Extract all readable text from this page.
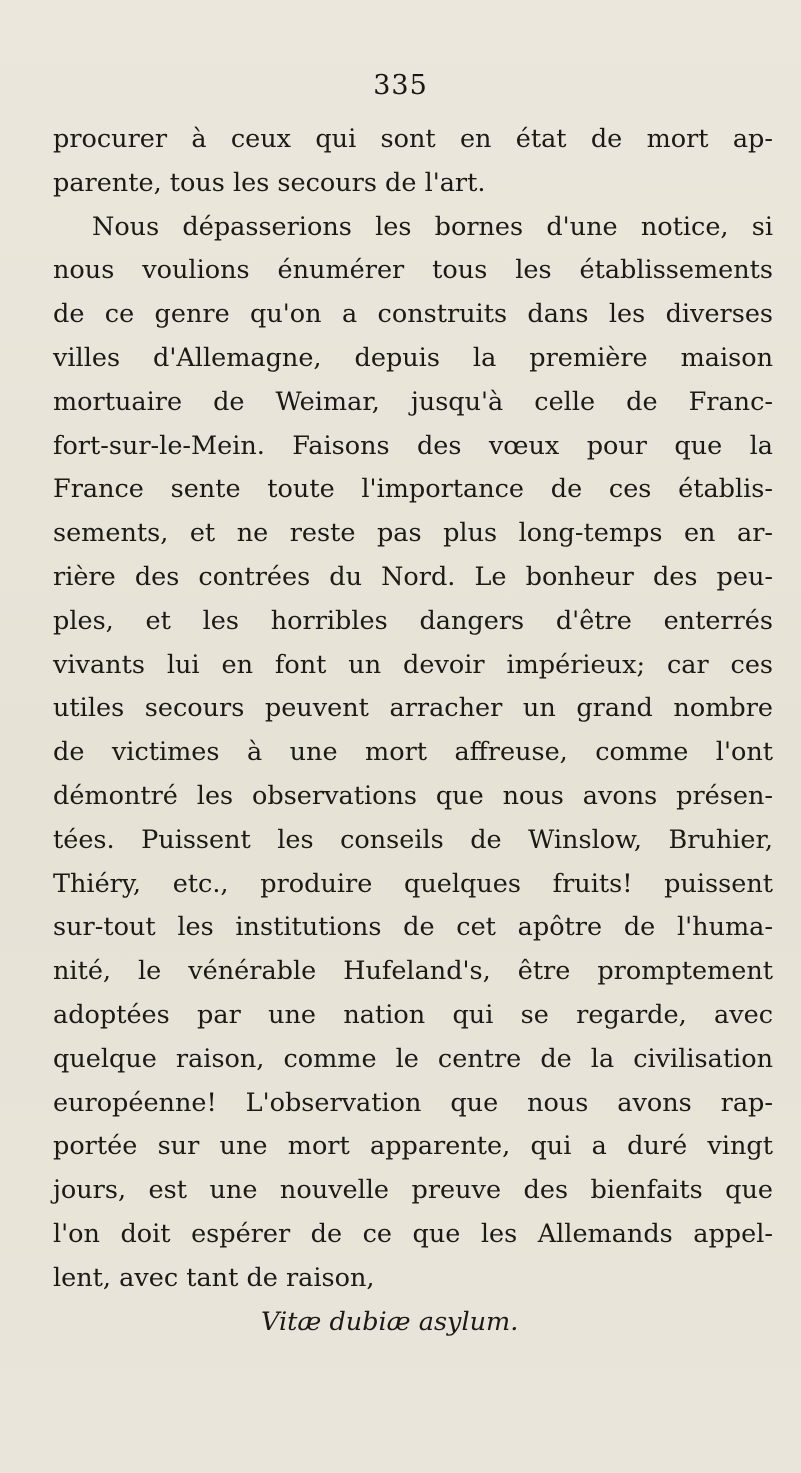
335
procurer à ceux qui sont en état de mort ap-
parente, tous les secours de l'art.
Nous dépasserions les bornes d'une notice, si
nous voulions énumérer tous les établissements
de ce genre qu'on a construits dans les diverses
villes d'Allemagne, depuis la première maison
mortuaire de Weimar, jusqu'à celle de Franc-
fort-sur-le-Mein. Faisons des vœux pour que la
France sente toute l'importance de ces établis-
sements, et ne reste pas plus long-temps en ar-
rière des contrées du Nord. Le bonheur des peu-
ples, et les horribles dangers d'être enterrés
vivants lui en font un devoir impérieux; car ces
utiles secours peuvent arracher un grand nombre
de victimes à une mort affreuse, comme l'ont
démontré les observations que nous avons présen-
tées. Puissent les conseils de Winslow, Bruhier,
Thiéry, etc., produire quelques fruits! puissent
sur-tout les institutions de cet apôtre de l'huma-
nité, le vénérable Hufeland's, être promptement
adoptées par une nation qui se regarde, avec
quelque raison, comme le centre de la civilisation
européenne! L'observation que nous avons rap-
portée sur une mort apparente, qui a duré vingt
jours, est une nouvelle preuve des bienfaits que
l'on doit espérer de ce que les Allemands appel-
lent, avec tant de raison,
Vitæ dubiæ asylum.
